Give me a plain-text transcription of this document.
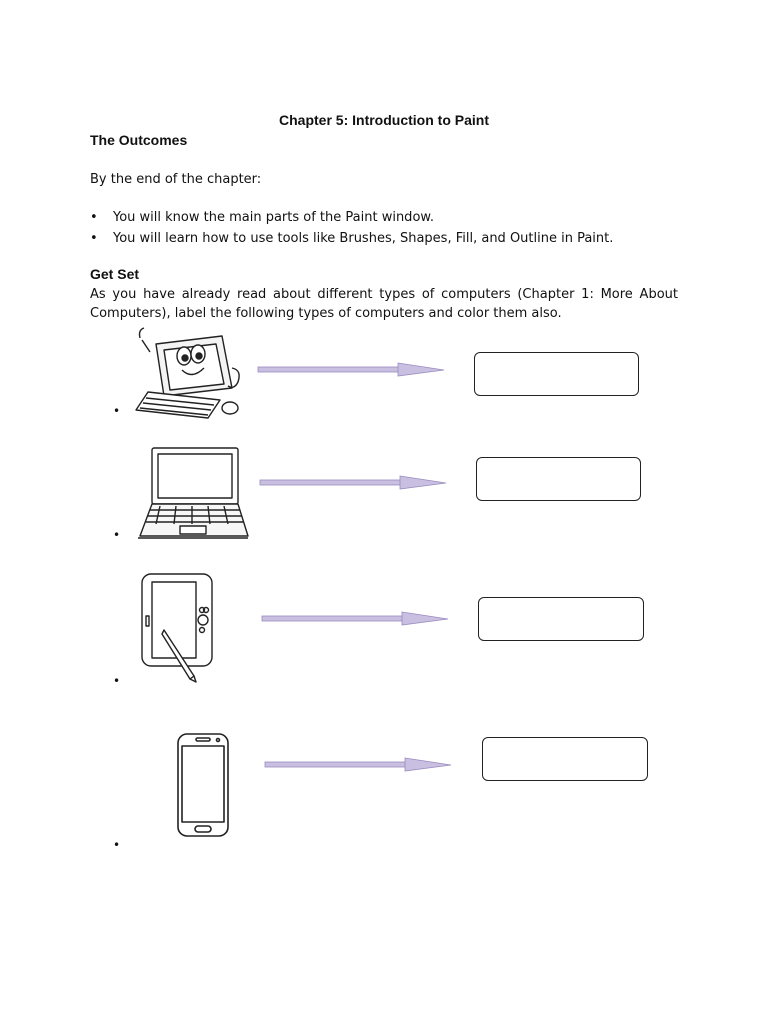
Chapter 5: Introduction to Paint
The Outcomes
By the end of the chapter:
• You will know the main parts of the Paint window.
• You will learn how to use tools like Brushes, Shapes, Fill, and Outline in Paint.
Get Set
As you have already read about different types of computers (Chapter 1: More About Computers), label the following types of computers and color them also.
•
•
•
•
